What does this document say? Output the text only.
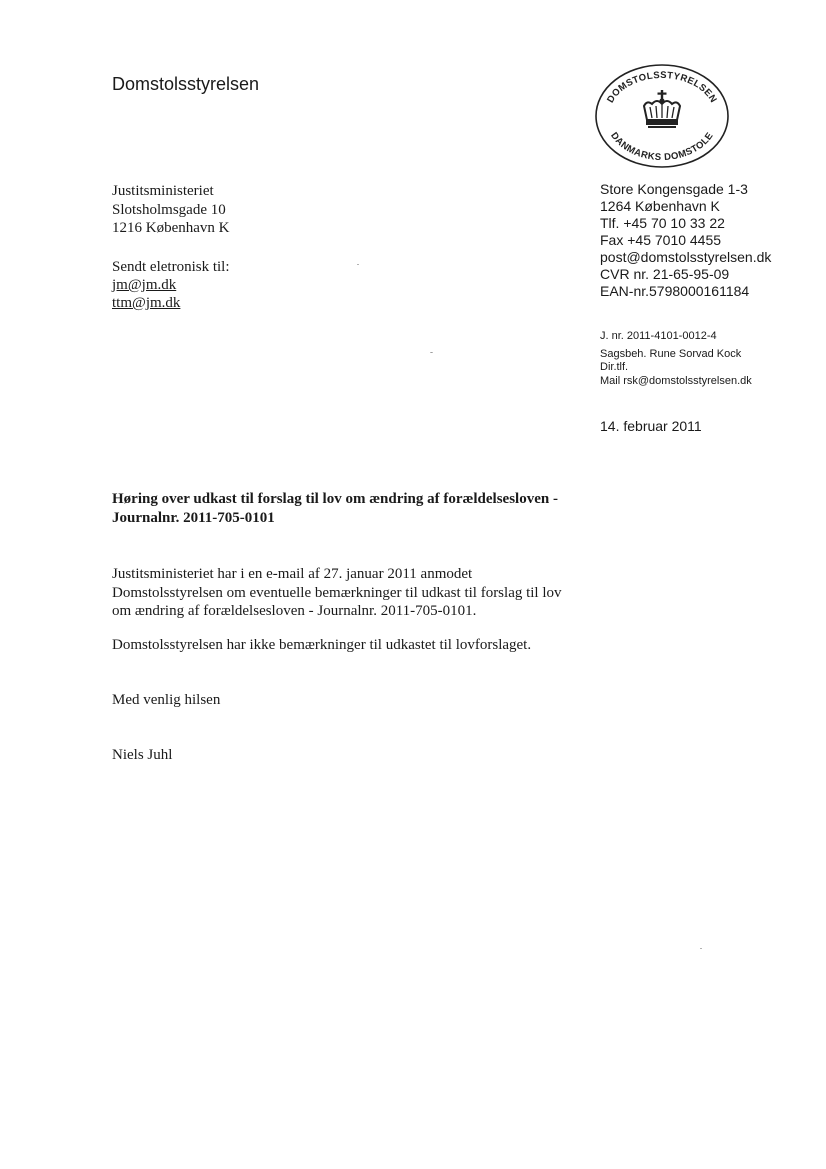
Domstolsstyrelsen
DOMSTOLSSTYRELSEN
DANMARKS DOMSTOLE
Justitsministeriet
Slotsholmsgade 10
1216 København K
Sendt eletronisk til:
jm@jm.dk
ttm@jm.dk
Store Kongensgade 1-3
1264 København K
Tlf. +45 70 10 33 22
Fax +45 7010 4455
post@domstolsstyrelsen.dk
CVR nr. 21-65-95-09
EAN-nr.5798000161184
J. nr. 2011-4101-0012-4
Sagsbeh. Rune Sorvad Kock
Dir.tlf.
Mail rsk@domstolsstyrelsen.dk
14. februar 2011
Høring over udkast til forslag til lov om ændring af forældelsesloven -
Journalnr. 2011-705-0101
Justitsministeriet har i en e-mail af 27. januar 2011 anmodet
Domstolsstyrelsen om eventuelle bemærkninger til udkast til forslag til lov
om ændring af forældelsesloven - Journalnr. 2011-705-0101.
Domstolsstyrelsen har ikke bemærkninger til udkastet til lovforslaget.
Med venlig hilsen
Niels Juhl
